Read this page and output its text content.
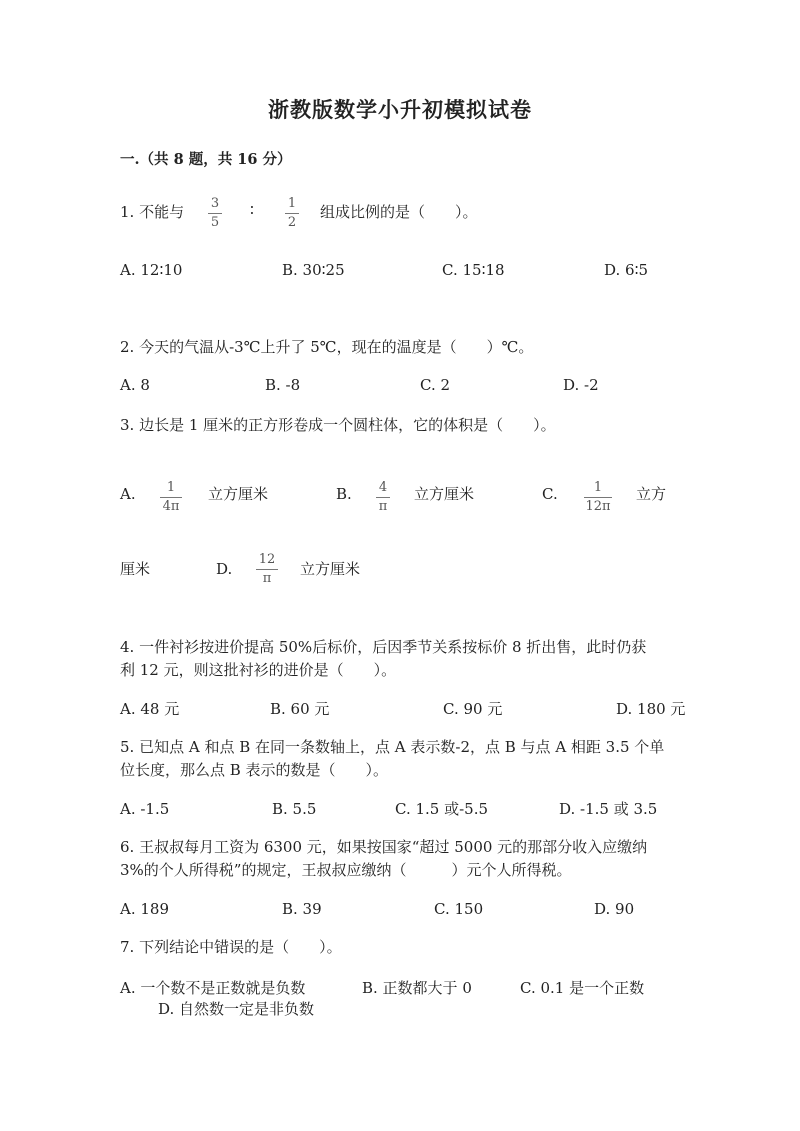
浙教版数学小升初模拟试卷
一.（共 8 题，共 16 分）
1. 不能与 3
5
∶	1
2
组成比例的是（　　）。
A. 12∶10	B. 30∶25	C. 15∶18	D. 6∶5
2. 今天的气温从-3℃上升了 5℃，现在的温度是（　　）℃。
A. 8	B. -8	C. 2	D. -2
3. 边长是 1 厘米的正方形卷成一个圆柱体，它的体积是（　　）。
A. 1
4π
立方厘米	B. 4
π
立方厘米	C.	1
12π
立方
厘米	D.
12
π
立方厘米
4. 一件衬衫按进价提高 50%后标价，后因季节关系按标价 8 折出售，此时仍获
利 12 元，则这批衬衫的进价是（　　）。
A. 48 元	B. 60 元	C. 90 元	D. 180 元
5. 已知点 A 和点 B 在同一条数轴上，点 A 表示数-2，点 B 与点 A 相距 3.5 个单
位长度，那么点 B 表示的数是（　　）。
A. -1.5	B. 5.5	C. 1.5 或-5.5	D. -1.5 或 3.5
6. 王叔叔每月工资为 6300 元，如果按国家“超过 5000 元的那部分收入应缴纳
3%的个人所得税”的规定，王叔叔应缴纳（　　　）元个人所得税。
A. 189	B. 39	C. 150	D. 90
7. 下列结论中错误的是（　　）。
A. 一个数不是正数就是负数	B. 正数都大于 0	C. 0.1 是一个正数
D. 自然数一定是非负数
